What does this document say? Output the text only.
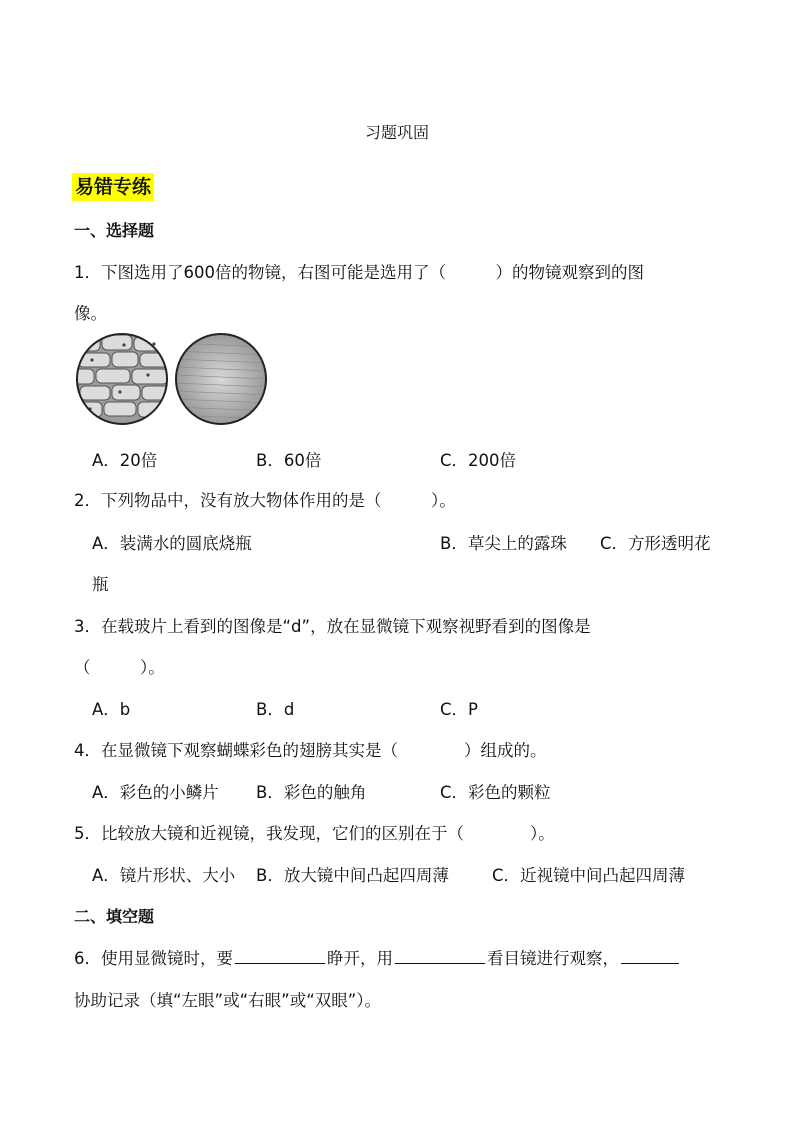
习题巩固
易错专练
一、选择题
1．下图选用了600倍的物镜，右图可能是选用了（　　　）的物镜观察到的图
像。
A．20倍	B．60倍	C．200倍
2．下列物品中，没有放大物体作用的是（　　　）。
A．装满水的圆底烧瓶	B．草尖上的露珠 C．方形透明花
瓶
3．在载玻片上看到的图像是“d”，放在显微镜下观察视野看到的图像是
（　　　）。
A．b	B．d	C．P
4．在显微镜下观察蝴蝶彩色的翅膀其实是（　　　　）组成的。
A．彩色的小鳞片 B．彩色的触角	C．彩色的颗粒
5．比较放大镜和近视镜，我发现，它们的区别在于（　　　　）。
A．镜片形状、大小 B．放大镜中间凸起四周薄	C．近视镜中间凸起四周薄
二、填空题
6．使用显微镜时，要	睁开，用	看目镜进行观察，
协助记录（填“左眼”或“右眼”或“双眼”）。
